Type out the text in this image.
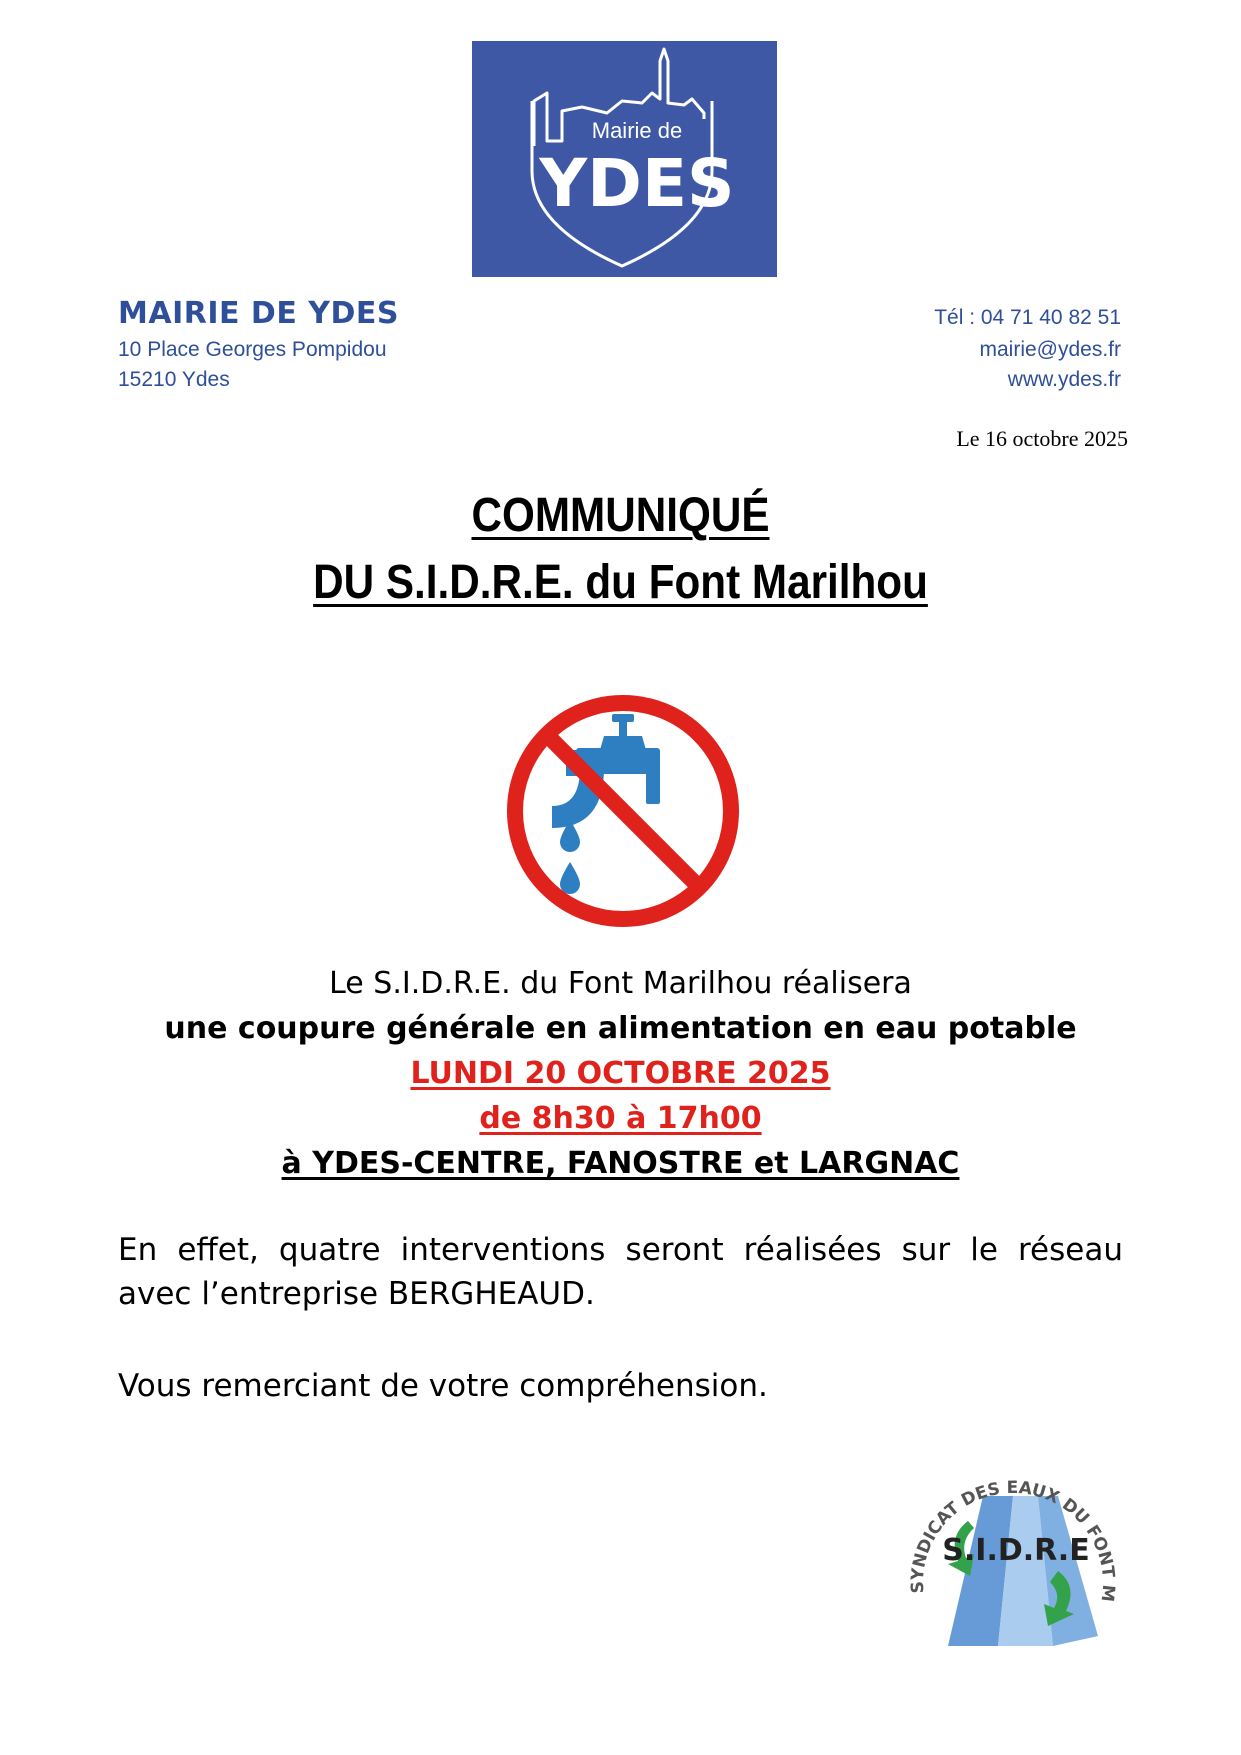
Mairie de
YDES
MAIRIE DE YDES
10 Place Georges Pompidou
15210 Ydes
Tél : 04 71 40 82 51
mairie@ydes.fr
www.ydes.fr
Le 16 octobre 2025
COMMUNIQUÉ
DU S.I.D.R.E. du Font Marilhou
Le S.I.D.R.E. du Font Marilhou réalisera
une coupure générale en alimentation en eau potable
LUNDI 20 OCTOBRE 2025
de 8h30 à 17h00
à YDES-CENTRE, FANOSTRE et LARGNAC
En effet, quatre interventions seront réalisées sur le réseau avec l’entreprise BERGHEAUD.
Vous remerciant de votre compréhension.
SYNDICAT DES EAUX DU FONT M
S.I.D.R.E
